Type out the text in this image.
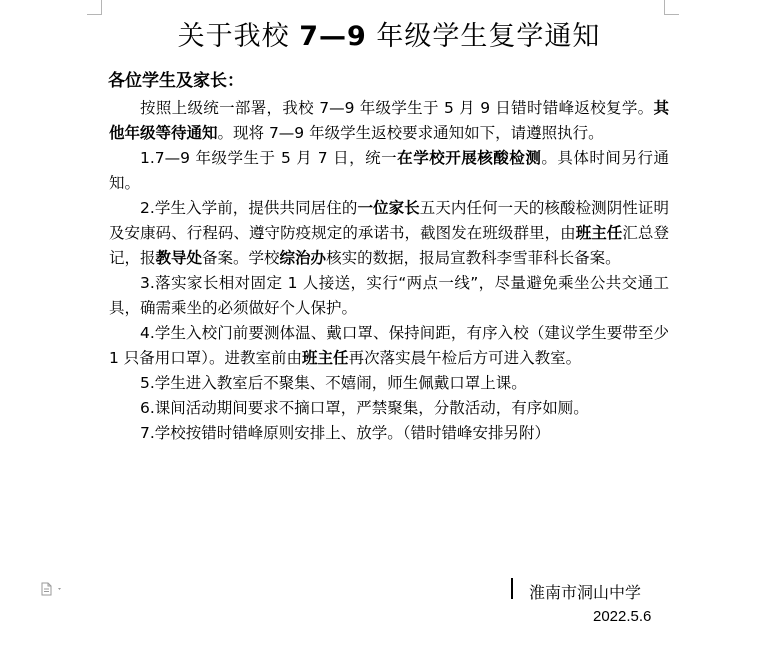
关于我校 7—9 年级学生复学通知
各位学生及家长：

按照上级统一部署，我校 7—9 年级学生于 5 月 9 日错时错峰返校复学。其他年级等待通知。现将 7—9 年级学生返校要求通知如下，请遵照执行。

1.7—9 年级学生于 5 月 7 日，统一在学校开展核酸检测。具体时间另行通知。

2.学生入学前，提供共同居住的一位家长五天内任何一天的核酸检测阴性证明及安康码、行程码、遵守防疫规定的承诺书，截图发在班级群里，由班主任汇总登记，报教导处备案。学校综治办核实的数据，报局宣教科李雪菲科长备案。

3.落实家长相对固定 1 人接送，实行“两点一线”，尽量避免乘坐公共交通工具，确需乘坐的必须做好个人保护。

4.学生入校门前要测体温、戴口罩、保持间距，有序入校（建议学生要带至少 1 只备用口罩）。进教室前由班主任再次落实晨午检后方可进入教室。

5.学生进入教室后不聚集、不嬉闹，师生佩戴口罩上课。

6.课间活动期间要求不摘口罩，严禁聚集，分散活动，有序如厕。

7.学校按错时错峰原则安排上、放学。（错时错峰安排另附）

淮南市洞山中学
2022.5.6
